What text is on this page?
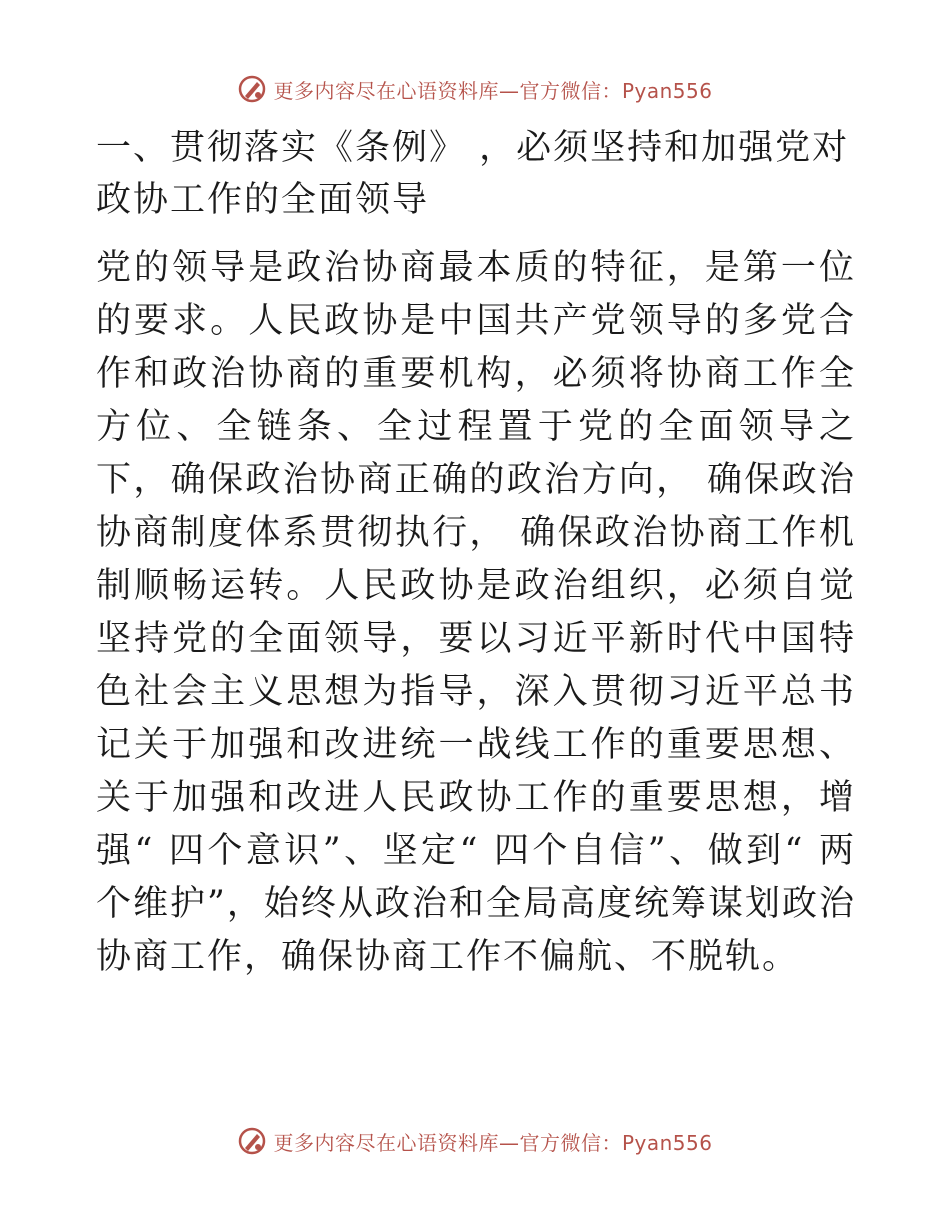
更多内容尽在心语资料库—官方微信：Pyan556
一、贯彻落实《条例》 ，必须坚持和加强党对政协工作的全面领导

党的领导是政治协商最本质的特征，是第一位的要求。人民政协是中国共产党领导的多党合作和政治协商的重要机构，必须将协商工作全方位、全链条、全过程置于党的全面领导之下，确保政治协商正确的政治方向， 确保政治协商制度体系贯彻执行， 确保政治协商工作机制顺畅运转。人民政协是政治组织，必须自觉坚持党的全面领导，要以习近平新时代中国特色社会主义思想为指导，深入贯彻习近平总书记关于加强和改进统一战线工作的重要思想、关于加强和改进人民政协工作的重要思想，增强“ 四个意识”、坚定“ 四个自信”、做到“ 两个维护”，始终从政治和全局高度统筹谋划政治协商工作，确保协商工作不偏航、不脱轨。

更多内容尽在心语资料库—官方微信：Pyan556
